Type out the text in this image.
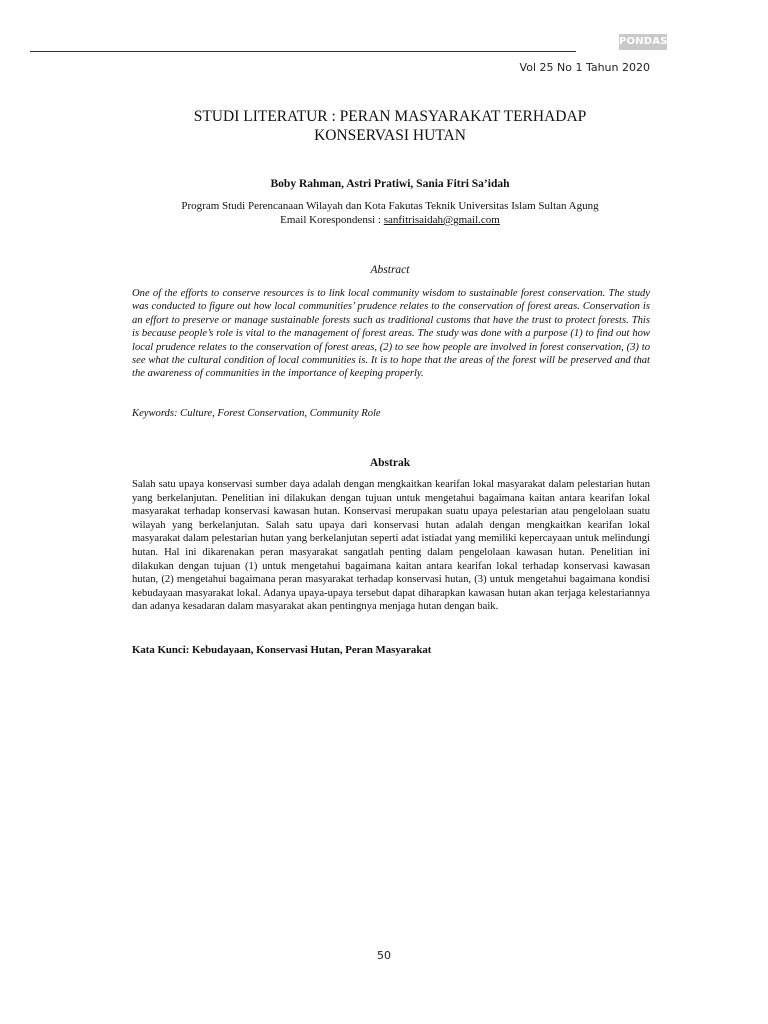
PONDASI
Vol 25 No 1 Tahun 2020
STUDI LITERATUR : PERAN MASYARAKAT TERHADAP
KONSERVASI HUTAN
Boby Rahman, Astri Pratiwi, Sania Fitri Sa’idah
Program Studi Perencanaan Wilayah dan Kota Fakutas Teknik Universitas Islam Sultan Agung
Email Korespondensi : sanfitrisaidah@gmail.com
Abstract

One of the efforts to conserve resources is to link local community wisdom to sustainable forest conservation. The study was conducted to figure out how local communities’ prudence relates to the conservation of forest areas. Conservation is an effort to preserve or manage sustainable forests such as traditional customs that have the trust to protect forests. This is because people’s role is vital to the management of forest areas. The study was done with a purpose (1) to find out how local prudence relates to the conservation of forest areas, (2) to see how people are involved in forest conservation, (3) to see what the cultural condition of local communities is. It is to hope that the areas of the forest will be preserved and that the awareness of communities in the importance of keeping properly.

Keywords: Culture, Forest Conservation, Community Role
Abstrak

Salah satu upaya konservasi sumber daya adalah dengan mengkaitkan kearifan lokal masyarakat dalam pelestarian hutan yang berkelanjutan. Penelitian ini dilakukan dengan tujuan untuk mengetahui bagaimana kaitan antara kearifan lokal masyarakat terhadap konservasi kawasan hutan. Konservasi merupakan suatu upaya pelestarian atau pengelolaan suatu wilayah yang berkelanjutan. Salah satu upaya dari konservasi hutan adalah dengan mengkaitkan kearifan lokal masyarakat dalam pelestarian hutan yang berkelanjutan seperti adat istiadat yang memiliki kepercayaan untuk melindungi hutan. Hal ini dikarenakan peran masyarakat sangatlah penting dalam pengelolaan kawasan hutan. Penelitian ini dilakukan dengan tujuan (1) untuk mengetahui bagaimana kaitan antara kearifan lokal terhadap konservasi kawasan hutan, (2) mengetahui bagaimana peran masyarakat terhadap konservasi hutan, (3) untuk mengetahui bagaimana kondisi kebudayaan masyarakat lokal. Adanya upaya-upaya tersebut dapat diharapkan kawasan hutan akan terjaga kelestariannya dan adanya kesadaran dalam masyarakat akan pentingnya menjaga hutan dengan baik.

Kata Kunci: Kebudayaan, Konservasi Hutan, Peran Masyarakat
50
